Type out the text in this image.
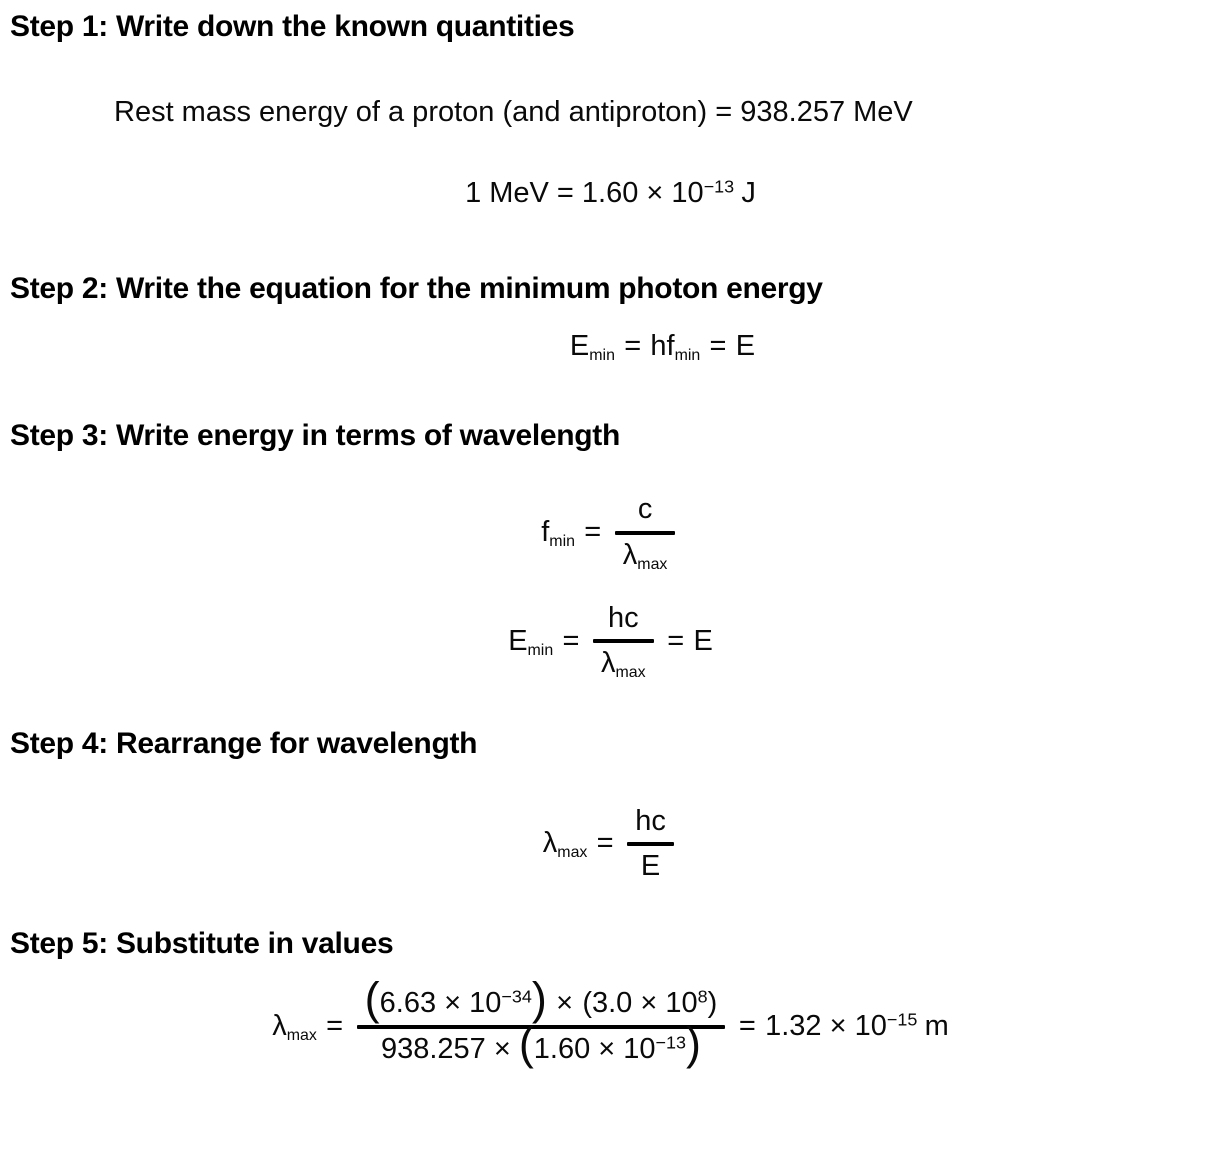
Step 1: Write down the known quantities

Rest mass energy of a proton (and antiproton) = 938.257 MeV

1 MeV = $1.60 \times 10^{-13}$ J

Step 2: Write the equation for the minimum photon energy
$E_{min} = hf_{min} = E$
Step 3: Write energy in terms of wavelength
$f_{min} = \frac{c}{\lambda_{max}}$
$E_{min} = \frac{hc}{\lambda_{max}} = E$
Step 4: Rearrange for wavelength
$\lambda_{max} = \frac{hc}{E}$
Step 5: Substitute in values
$\lambda_{max} = \frac{(6.63 \times 10^{-34}) \times (3.0 \times 10^8)}{938.257 \times (1.60 \times 10^{-13})} = 1.32 \times 10^{-15}$ m
